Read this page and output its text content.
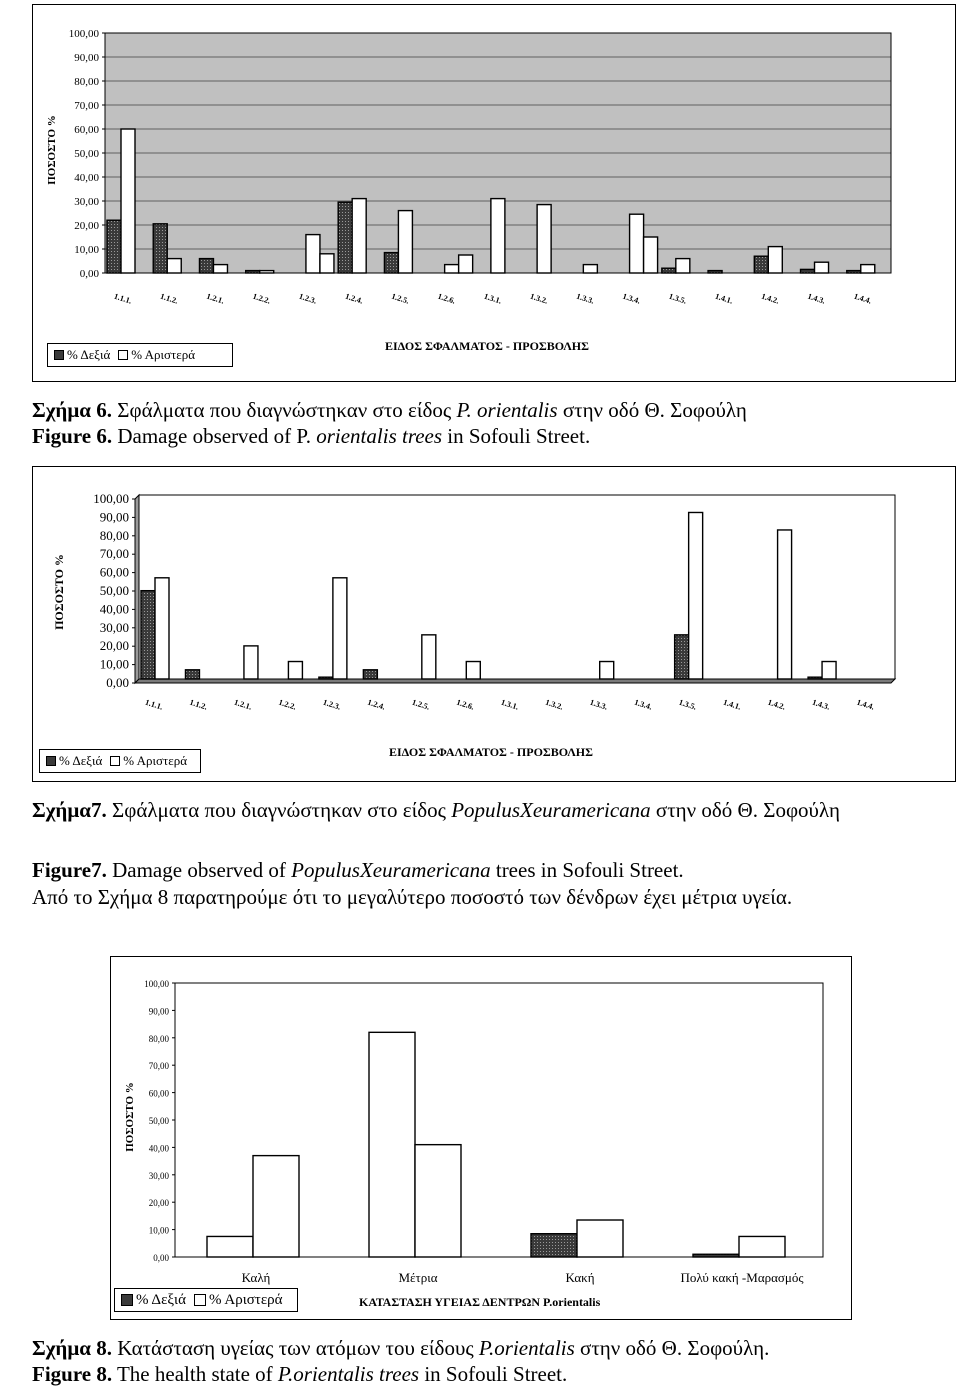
0,00
10,00
20,00
30,00
40,00
50,00
60,00
70,00
80,00
90,00
100,00
ΠΟΣΟΣΤΟ %
1.1.1.	1.1.2.	1.2.1.	1.2.2.	1.2.3.	1.2.4.	1.2.5.	1.2.6.	1.3.1.	1.3.2.	1.3.3.	1.3.4.	1.3.5.	1.4.1.	1.4.2.	1.4.3.	1.4.4.
% Δεξιά % Αριστερά
ΕΙΔΟΣ ΣΦΑΛΜΑΤΟΣ - ΠΡΟΣΒΟΛΗΣ
Σχήμα 6. Σφάλματα που διαγνώστηκαν στο είδος P. orientalis στην οδό Θ. Σοφούλη
Figure 6. Damage observed of P. orientalis trees in Sofouli Street.
0,00
10,00
20,00
30,00
40,00
50,00
60,00
70,00
80,00
90,00
100,00
ΠΟΣΟΣΤΟ %
1.1.1.	1.1.2.	1.2.1.	1.2.2.	1.2.3.	1.2.4.	1.2.5.	1.2.6.	1.3.1.	1.3.2.	1.3.3.	1.3.4.	1.3.5.	1.4.1.	1.4.2.	1.4.3.	1.4.4.
% Δεξιά % Αριστερά
ΕΙΔΟΣ ΣΦΑΛΜΑΤΟΣ - ΠΡΟΣΒΟΛΗΣ
Σχήμα7. Σφάλματα που διαγνώστηκαν στο είδος PopulusXeuramericana στην οδό Θ. Σοφούλη
Figure7. Damage observed of PopulusXeuramericana trees in Sofouli Street.
Από το Σχήμα 8 παρατηρούμε ότι το μεγαλύτερο ποσοστό των δένδρων έχει μέτρια υγεία.
0,00
10,00
20,00
30,00
40,00
50,00
60,00
70,00
80,00
90,00
100,00
ΠΟΣΟΣΤΟ %
Καλή	Μέτρια	Κακή	Πολύ κακή -Μαρασμός
% Δεξιά % Αριστερά	ΚΑΤΑΣΤΑΣΗ ΥΓΕΙΑΣ ΔΕΝΤΡΩΝ P.orientalis
Σχήμα 8. Κατάσταση υγείας των ατόμων του είδους P.orientalis στην οδό Θ. Σοφούλη.
Figure 8. The health state of P.orientalis trees in Sofouli Street.
